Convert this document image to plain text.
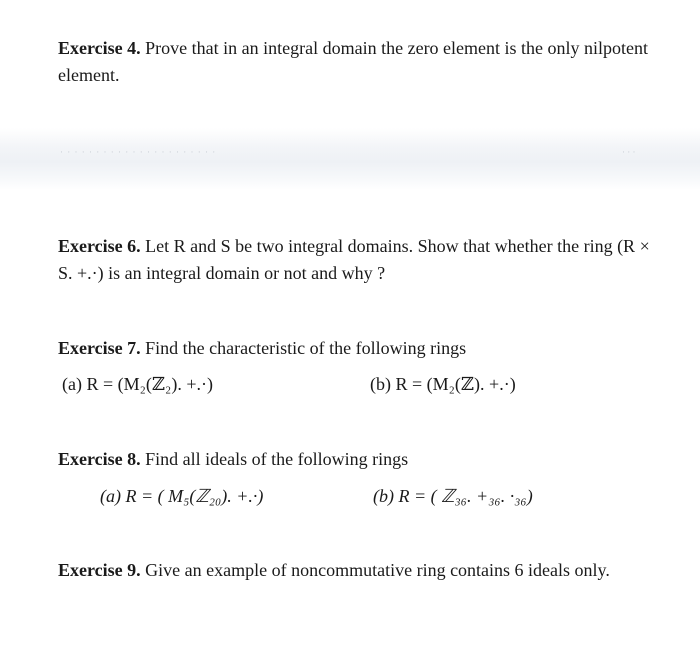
Exercise 4. Prove that in an integral domain the zero element is the only nilpotent element.
· · · · · · · · · · · · · · · · · · · · · ·	· · ·
Exercise 6. Let R and S be two integral domains. Show that whether the ring (R × S. +.·) is an integral domain or not and why ?
Exercise 7. Find the characteristic of the following rings
(a) R = (M₂(ℤ₂). +.·)	(b) R = (M₂(ℤ). +.·)
Exercise 8. Find all ideals of the following rings
(a) R = ( M₅(ℤ₂₀). +.·)	(b) R = ( ℤ₃₆. +₃₆. ·₃₆)
Exercise 9. Give an example of noncommutative ring contains 6 ideals only.
